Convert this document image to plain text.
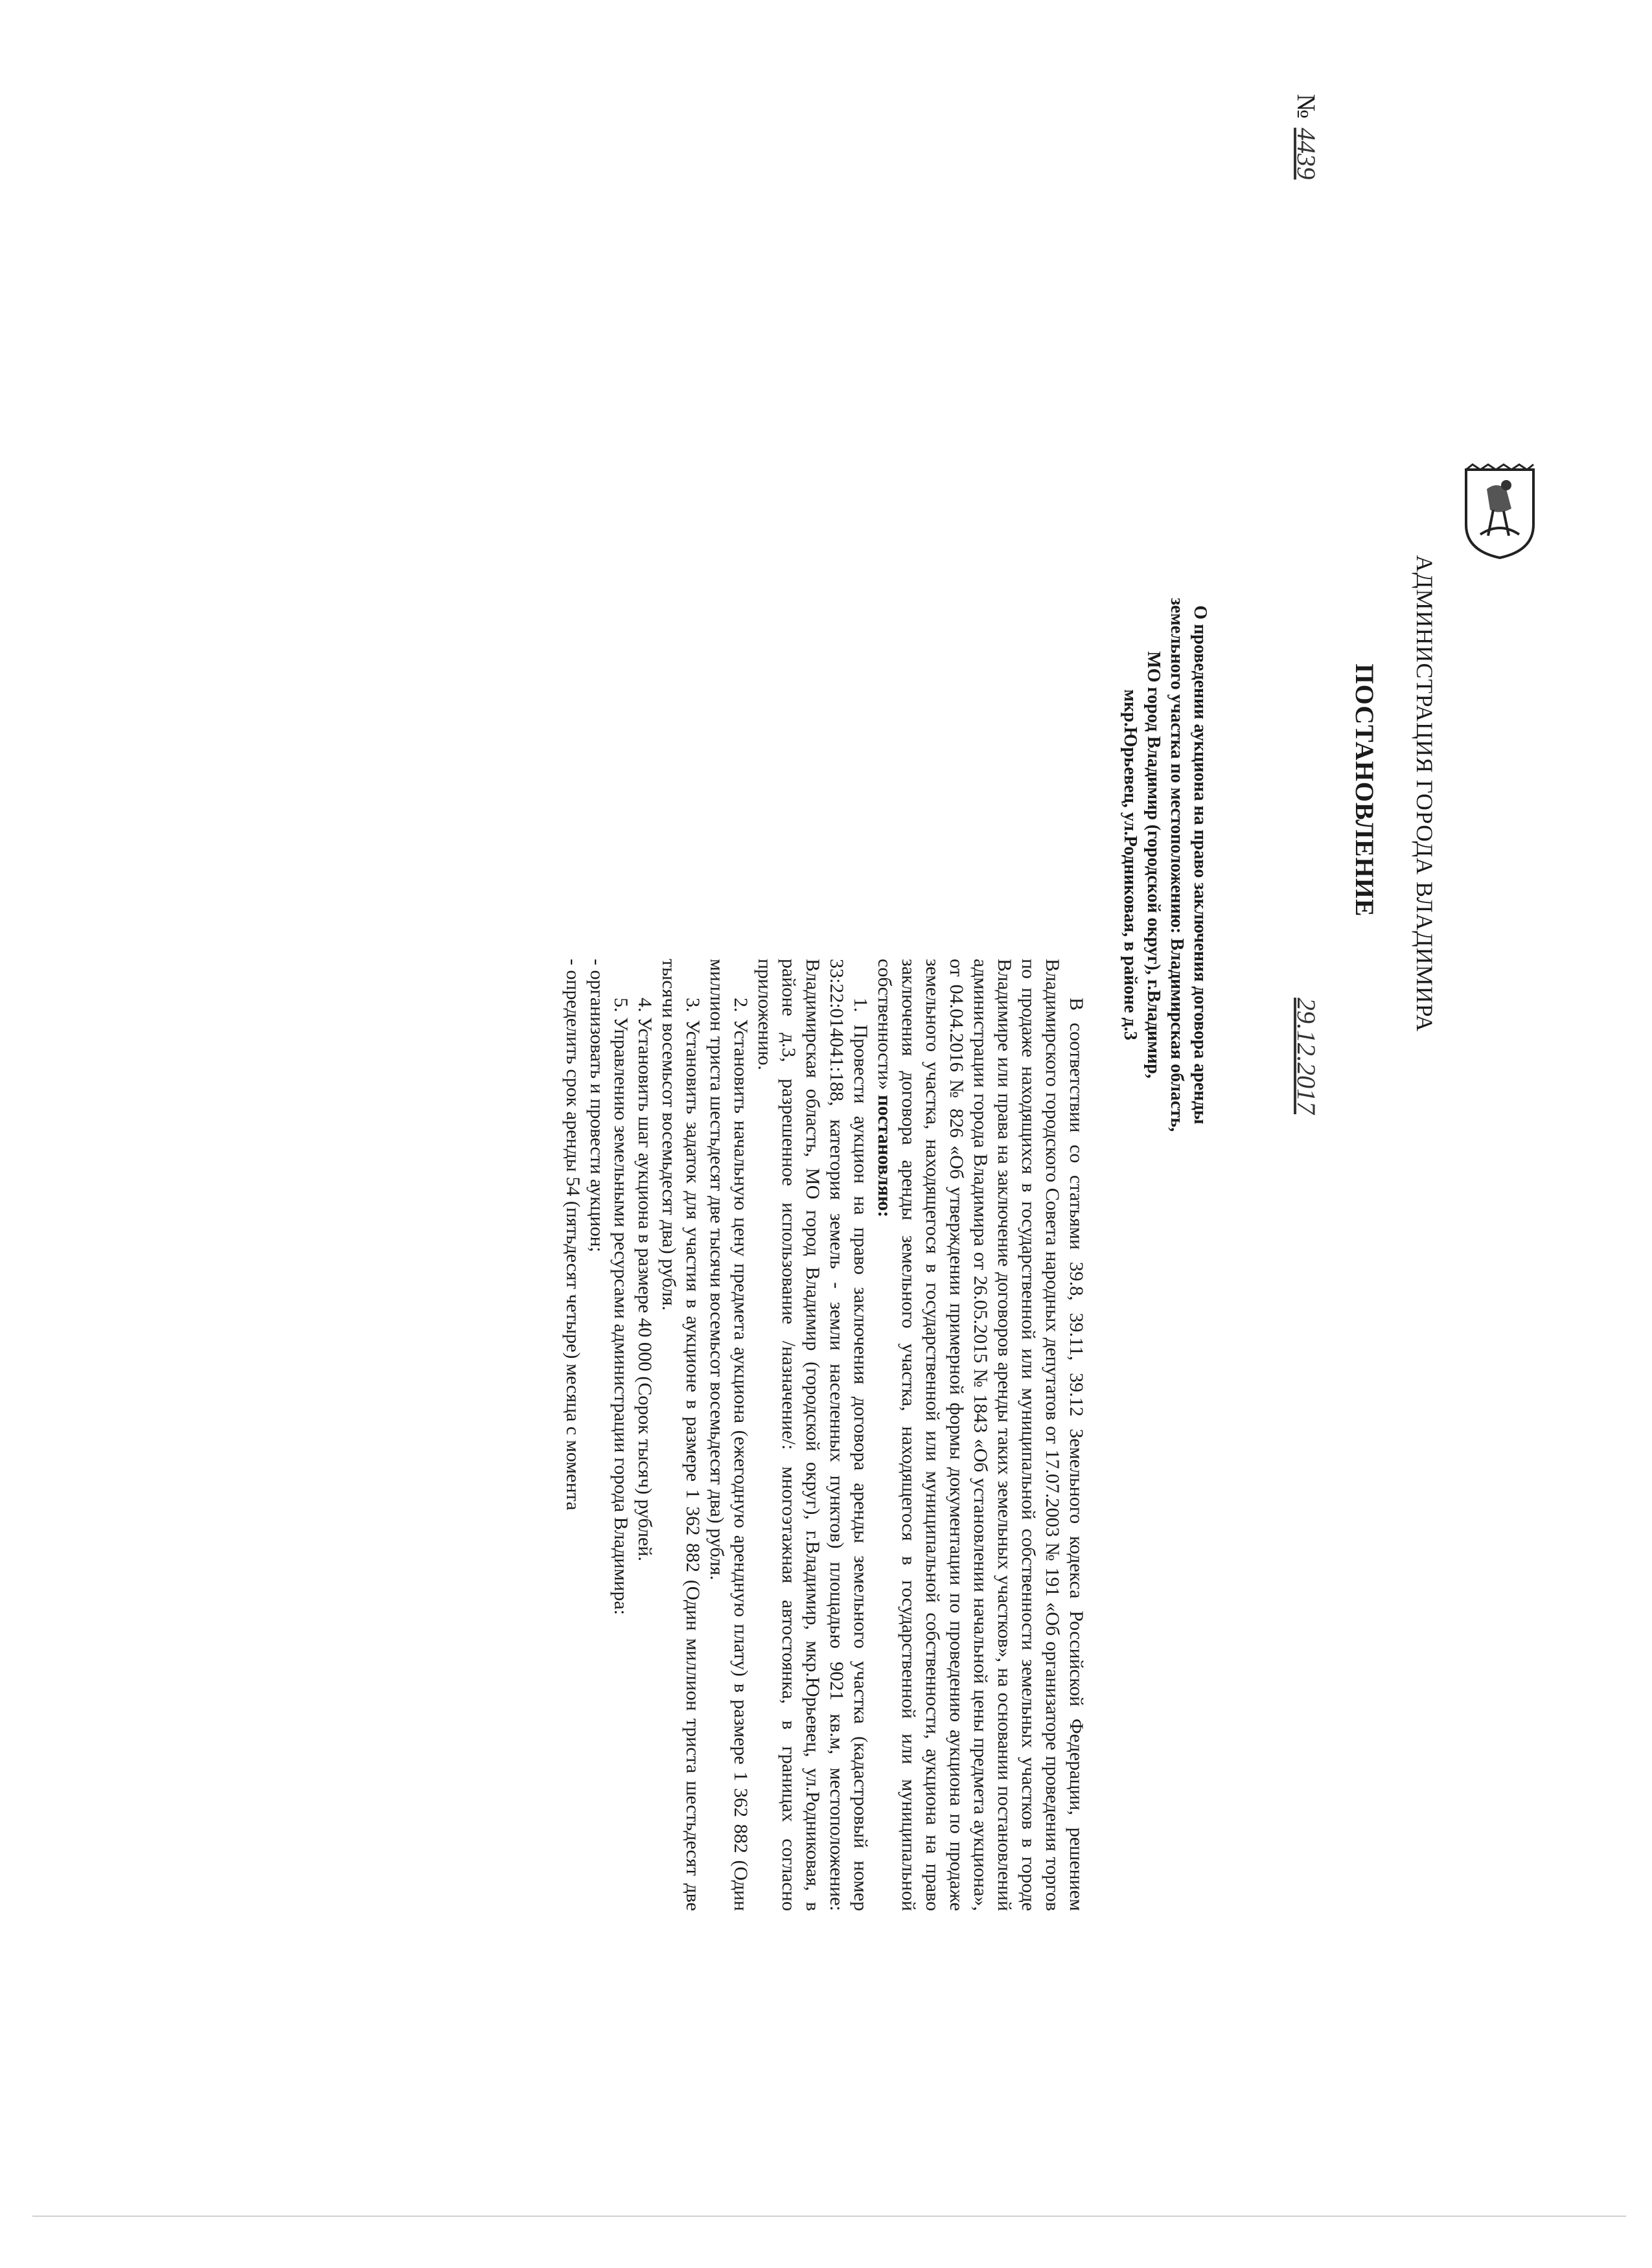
АДМИНИСТРАЦИЯ ГОРОДА ВЛАДИМИРА
ПОСТАНОВЛЕНИЕ
29.12.2017
№4439
О проведении аукциона на право заключения договора аренды
земельного участка по местоположению: Владимирская область,
МО город Владимир (городской округ), г.Владимир,
мкр.Юрьевец, ул.Родниковая, в районе д.3

В соответствии со статьями 39.8, 39.11, 39.12 Земельного кодекса Российской Федерации, решением Владимирского городского Совета народных депутатов от 17.07.2003 № 191 «Об организаторе проведения торгов по продаже находящихся в государственной или муниципальной собственности земельных участков в городе Владимире или права на заключение договоров аренды таких земельных участков», на основании постановлений администрации города Владимира от 26.05.2015 № 1843 «Об установлении начальной цены предмета аукциона», от 04.04.2016 № 826 «Об утверждении примерной формы документации по проведению аукциона по продаже земельного участка, находящегося в государственной или муниципальной собственности, аукциона на право заключения договора аренды земельного участка, находящегося в государственной или муниципальной собственности» постановляю:

1. Провести аукцион на право заключения договора аренды земельного участка (кадастровый номер 33:22:014041:188, категория земель - земли населенных пунктов) площадью 9021 кв.м, местоположение: Владимирская область, МО город Владимир (городской округ), г.Владимир, мкр.Юрьевец, ул.Родниковая, в районе д.3, разрешенное использование /назначение/: многоэтажная автостоянка, в границах согласно приложению.

2. Установить начальную цену предмета аукциона (ежегодную арендную плату) в размере 1 362 882 (Один миллион триста шестьдесят две тысячи восемьсот восемьдесят два) рубля.

3. Установить задаток для участия в аукционе в размере 1 362 882 (Один миллион триста шестьдесят две тысячи восемьсот восемьдесят два) рубля.

4. Установить шаг аукциона в размере 40 000 (Сорок тысяч) рублей.

5. Управлению земельными ресурсами администрации города Владимира:

- организовать и провести аукцион;

- определить срок аренды 54 (пятьдесят четыре) месяца с момента
